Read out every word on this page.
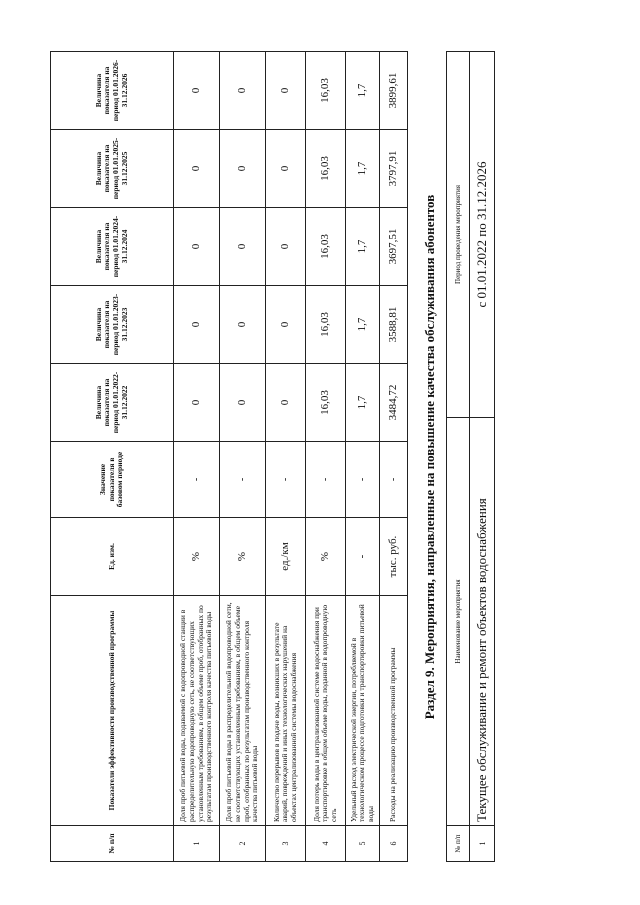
№ п/п	Показатели эффективности производственной программы	Ед. изм.	Значение показателя в базовом периоде	Величина показателя на период 01.01.2022-31.12.2022	Величина показателя на период 01.01.2023-31.12.2023	Величина показателя на период 01.01.2024-31.12.2024	Величина показателя на период 01.01.2025-31.12.2025	Величина показателя на период 01.01.2026-31.12.2026
1	Доля проб питьевой воды, подаваемой с водопроводной станции в распределительную водопроводную сеть, не соответствующих установленным требованиям, в общем объеме проб, отобранных по результатам производственного контроля качества питьевой воды	%	-	0	0	0	0	0
2	Доля проб питьевой воды в распределительной водопроводной сети, не соответствующих установленным требованиям, в общем объеме проб, отобранных по результатам производственного контроля качества питьевой воды	%	-	0	0	0	0	0
3	Количество перерывов в подаче воды, возникших в результате аварий, повреждений и иных технологических нарушений на объектах централизованной системы водоснабжения	ед./км	-	0	0	0	0	0
4	Доля потерь воды в централизованной системе водоснабжения при транспортировке в общем объеме воды, поданной в водопроводную сеть	%	-	16,03	16,03	16,03	16,03	16,03
5	Удельный расход электрической энергии, потребляемой в технологическом процессе подготовки и транспортировки питьевой воды	-	-	1,7	1,7	1,7	1,7	1,7
6	Расходы на реализацию производственной программы	тыс. руб.	-	3484,72	3588,81	3697,51	3797,91	3899,61
Раздел 9. Мероприятия, направленные на повышение качества обслуживания абонентов
№ п/п	Наименование мероприятия	Период проведения мероприятия
1	Текущее обслуживание и ремонт объектов водоснабжения	с 01.01.2022 по 31.12.2026
